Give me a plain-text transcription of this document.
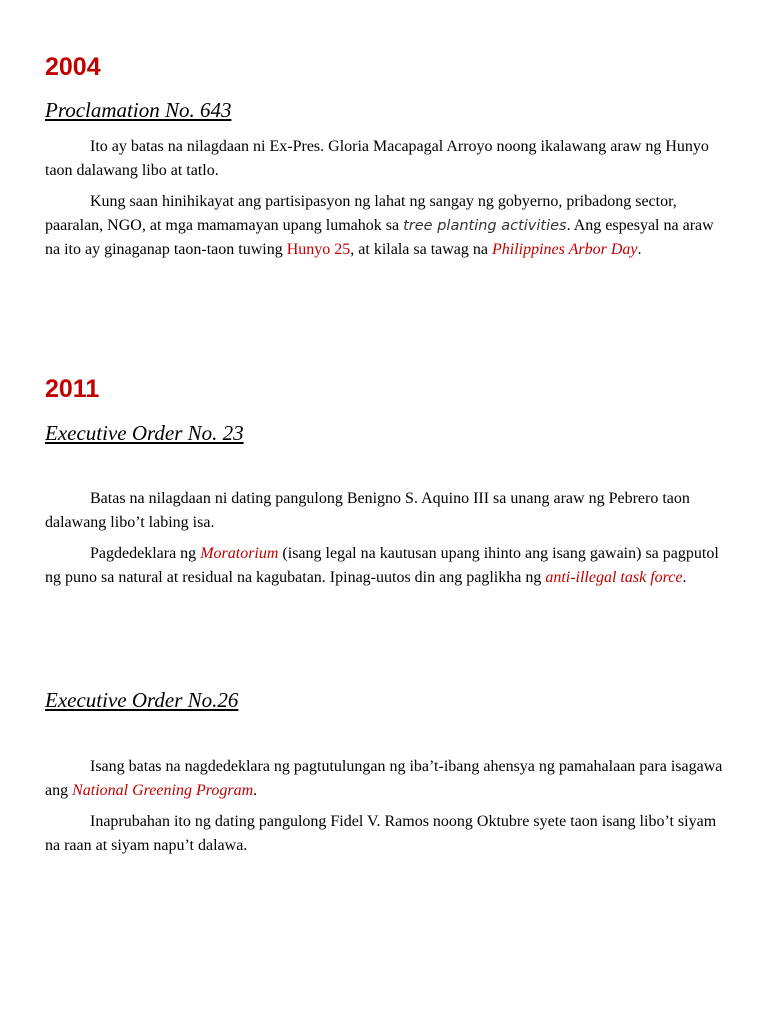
2004
Proclamation No. 643

Ito ay batas na nilagdaan ni Ex-Pres. Gloria Macapagal Arroyo noong ikalawang araw ng Hunyo taon dalawang libo at tatlo.

Kung saan hinihikayat ang partisipasyon ng lahat ng sangay ng gobyerno, pribadong sector, paaralan, NGO, at mga mamamayan upang lumahok sa tree planting activities. Ang espesyal na araw na ito ay ginaganap taon-taon tuwing Hunyo 25, at kilala sa tawag na Philippines Arbor Day.

2011
Executive Order No. 23

Batas na nilagdaan ni dating pangulong Benigno S. Aquino III sa unang araw ng Pebrero taon dalawang libo’t labing isa.

Pagdedeklara ng Moratorium (isang legal na kautusan upang ihinto ang isang gawain) sa pagputol ng puno sa natural at residual na kagubatan. Ipinag-uutos din ang paglikha ng anti-illegal task force.

Executive Order No.26

Isang batas na nagdedeklara ng pagtutulungan ng iba’t-ibang ahensya ng pamahalaan para isagawa ang National Greening Program.

Inaprubahan ito ng dating pangulong Fidel V. Ramos noong Oktubre syete taon isang libo’t siyam na raan at siyam napu’t dalawa.
